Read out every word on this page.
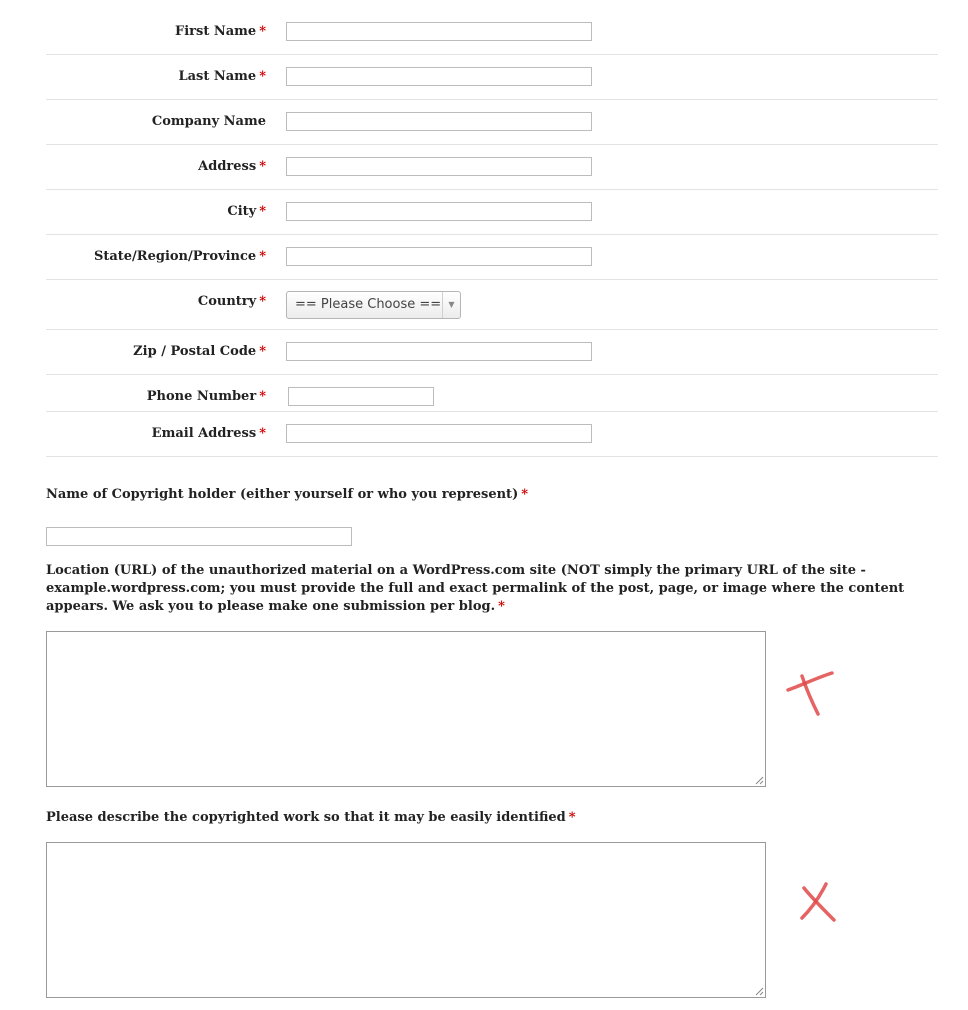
First Name *
Last Name *
Company Name
Address *
City *
State/Region/Province *
Country *	== Please Choose == ▼
Zip / Postal Code *
Phone Number *
Email Address *
Name of Copyright holder (either yourself or who you represent) *
Location (URL) of the unauthorized material on a WordPress.com site (NOT simply the primary URL of the site - example.wordpress.com; you must provide the full and exact permalink of the post, page, or image where the content appears. We ask you to please make one submission per blog. *
Please describe the copyrighted work so that it may be easily identified *
